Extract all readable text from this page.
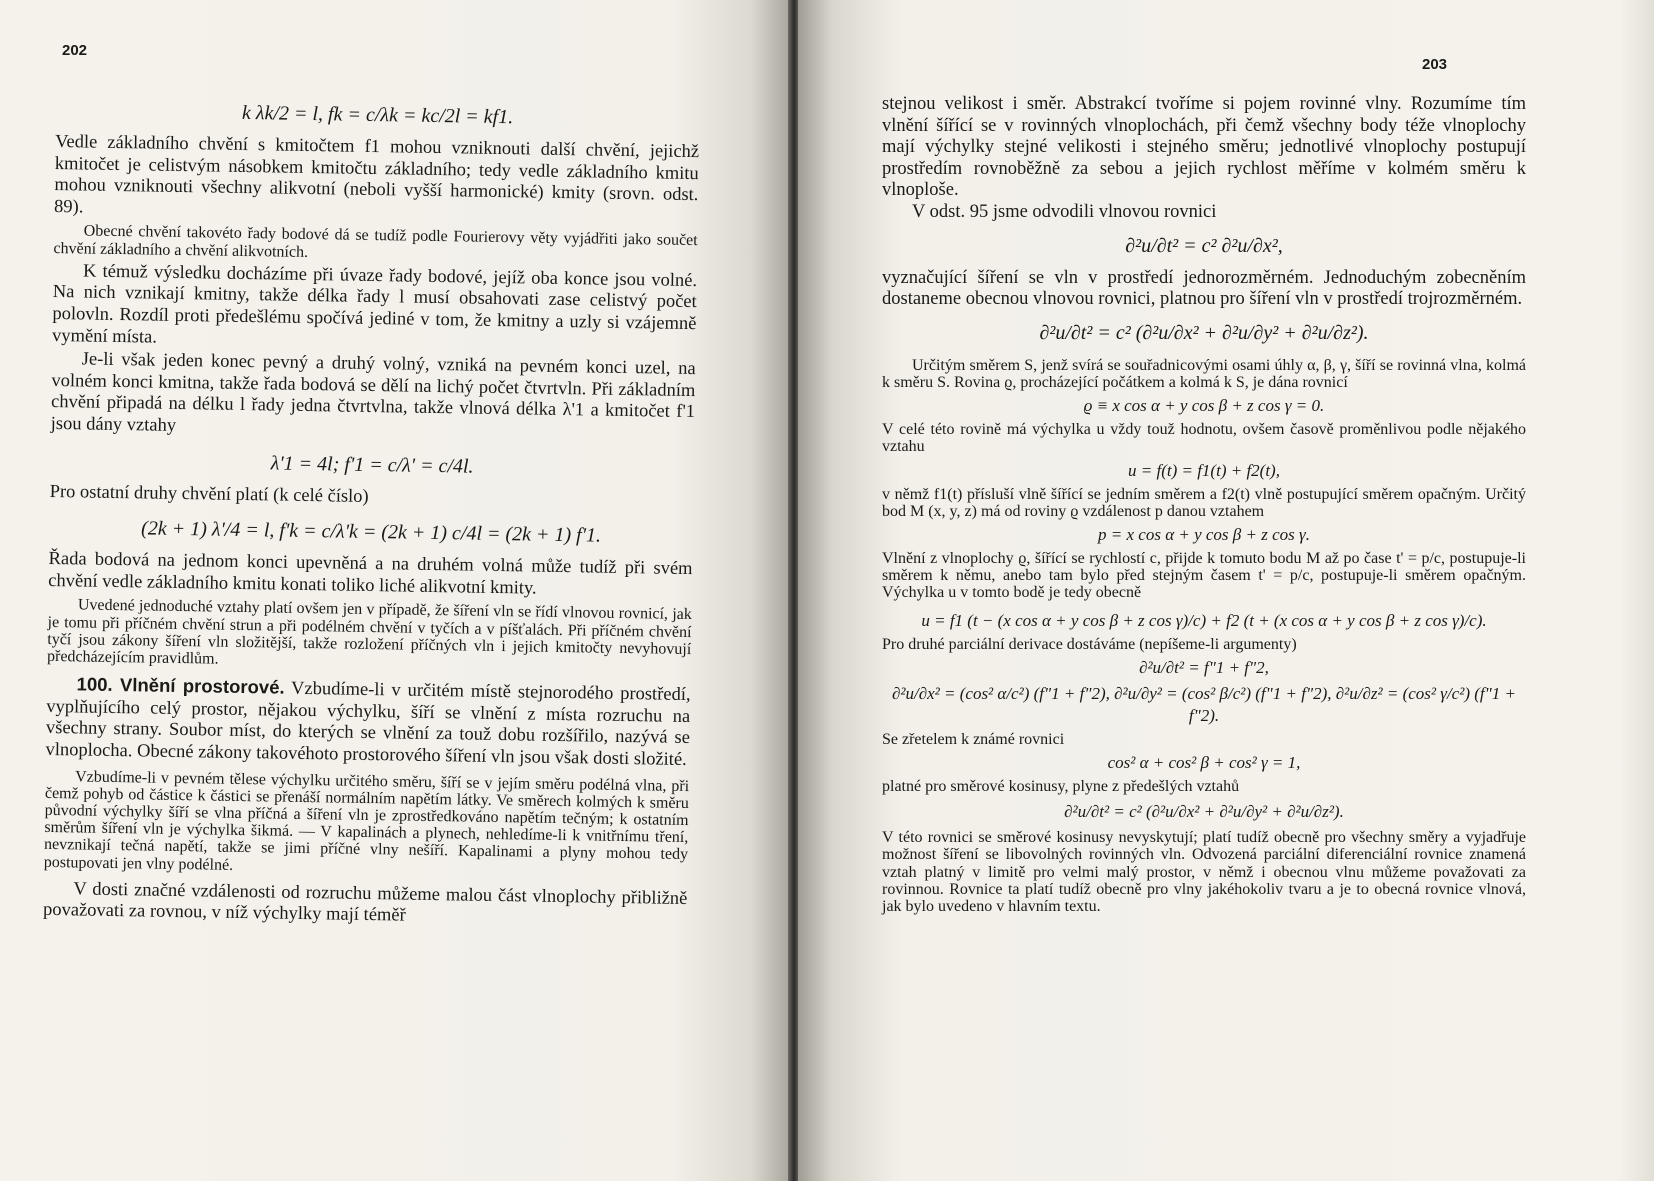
202
k λk/2 = l, fk = c/λk = kc/2l = kf1.

Vedle základního chvění s kmitočtem f1 mohou vzniknouti další chvění, jejichž kmitočet je celistvým násobkem kmitočtu základního; tedy vedle základního kmitu mohou vzniknouti všechny alikvotní (neboli vyšší harmonické) kmity (srovn. odst. 89).

Obecné chvění takovéto řady bodové dá se tudíž podle Fourierovy věty vyjádřiti jako součet chvění základního a chvění alikvotních.

K témuž výsledku docházíme při úvaze řady bodové, jejíž oba konce jsou volné. Na nich vznikají kmitny, takže délka řady l musí obsahovati zase celistvý počet polovln. Rozdíl proti předešlému spočívá jediné v tom, že kmitny a uzly si vzájemně vymění místa.

Je-li však jeden konec pevný a druhý volný, vzniká na pevném konci uzel, na volném konci kmitna, takže řada bodová se dělí na lichý počet čtvrtvln. Při základním chvění připadá na délku l řady jedna čtvrtvlna, takže vlnová délka λ'1 a kmitočet f'1 jsou dány vztahy

λ'1 = 4l; f'1 = c/λ' = c/4l.

Pro ostatní druhy chvění platí (k celé číslo)

(2k + 1) λ'/4 = l, f'k = c/λ'k = (2k + 1) c/4l = (2k + 1) f'1.

Řada bodová na jednom konci upevněná a na druhém volná může tudíž při svém chvění vedle základního kmitu konati toliko liché alikvotní kmity.

Uvedené jednoduché vztahy platí ovšem jen v případě, že šíření vln se řídí vlnovou rovnicí, jak je tomu při příčném chvění strun a při podélném chvění v tyčích a v píšťalách. Při příčném chvění tyčí jsou zákony šíření vln složitější, takže rozložení příčných vln i jejich kmitočty nevyhovují předcházejícím pravidlům.

100. Vlnění prostorové. Vzbudíme-li v určitém místě stejnorodého prostředí, vyplňujícího celý prostor, nějakou výchylku, šíří se vlnění z místa rozruchu na všechny strany. Soubor míst, do kterých se vlnění za touž dobu rozšířilo, nazývá se vlnoplocha. Obecné zákony takovéhoto prostorového šíření vln jsou však dosti složité.

Vzbudíme-li v pevném tělese výchylku určitého směru, šíří se v jejím směru podélná vlna, při čemž pohyb od částice k částici se přenáší normálním napětím látky. Ve směrech kolmých k směru původní výchylky šíří se vlna příčná a šíření vln je zprostředkováno napětím tečným; k ostatním směrům šíření vln je výchylka šikmá. — V kapalinách a plynech, nehledíme-li k vnitřnímu tření, nevznikají tečná napětí, takže se jimi příčné vlny nešíří. Kapalinami a plyny mohou tedy postupovati jen vlny podélné.

V dosti značné vzdálenosti od rozruchu můžeme malou část vlnoplochy přibližně považovati za rovnou, v níž výchylky mají téměř

203

stejnou velikost i směr. Abstrakcí tvoříme si pojem rovinné vlny. Rozumíme tím vlnění šířící se v rovinných vlnoplochách, při čemž všechny body téže vlnoplochy mají výchylky stejné velikosti i stejného směru; jednotlivé vlnoplochy postupují prostředím rovnoběžně za sebou a jejich rychlost měříme v kolmém směru k vlnoploše.

V odst. 95 jsme odvodili vlnovou rovnici

∂²u/∂t² = c² ∂²u/∂x²,

vyznačující šíření se vln v prostředí jednorozměrném. Jednoduchým zobecněním dostaneme obecnou vlnovou rovnici, platnou pro šíření vln v prostředí trojrozměrném.

∂²u/∂t² = c² (∂²u/∂x² + ∂²u/∂y² + ∂²u/∂z²).

Určitým směrem S, jenž svírá se souřadnicovými osami úhly α, β, γ, šíří se rovinná vlna, kolmá k směru S. Rovina ϱ, procházející počátkem a kolmá k S, je dána rovnicí

ϱ ≡ x cos α + y cos β + z cos γ = 0.

V celé této rovině má výchylka u vždy touž hodnotu, ovšem časově proměnlivou podle nějakého vztahu

u = f(t) = f1(t) + f2(t),

v němž f1(t) přísluší vlně šířící se jedním směrem a f2(t) vlně postupující směrem opačným. Určitý bod M (x, y, z) má od roviny ϱ vzdálenost p danou vztahem

p = x cos α + y cos β + z cos γ.

Vlnění z vlnoplochy ϱ, šířící se rychlostí c, přijde k tomuto bodu M až po čase t' = p/c, postupuje-li směrem k němu, anebo tam bylo před stejným časem t' = p/c, postupuje-li směrem opačným. Výchylka u v tomto bodě je tedy obecně

u = f1 (t − (x cos α + y cos β + z cos γ)/c) + f2 (t + (x cos α + y cos β + z cos γ)/c).

Pro druhé parciální derivace dostáváme (nepíšeme-li argumenty)

∂²u/∂t² = f"1 + f"2,
∂²u/∂x² = (cos² α/c²) (f"1 + f"2), ∂²u/∂y² = (cos² β/c²) (f"1 + f"2), ∂²u/∂z² = (cos² γ/c²) (f"1 + f"2).

Se zřetelem k známé rovnici

cos² α + cos² β + cos² γ = 1,

platné pro směrové kosinusy, plyne z předešlých vztahů

∂²u/∂t² = c² (∂²u/∂x² + ∂²u/∂y² + ∂²u/∂z²).

V této rovnici se směrové kosinusy nevyskytují; platí tudíž obecně pro všechny směry a vyjadřuje možnost šíření se libovolných rovinných vln. Odvozená parciální diferenciální rovnice znamená vztah platný v limitě pro velmi malý prostor, v němž i obecnou vlnu můžeme považovati za rovinnou. Rovnice ta platí tudíž obecně pro vlny jakéhokoliv tvaru a je to obecná rovnice vlnová, jak bylo uvedeno v hlavním textu.
